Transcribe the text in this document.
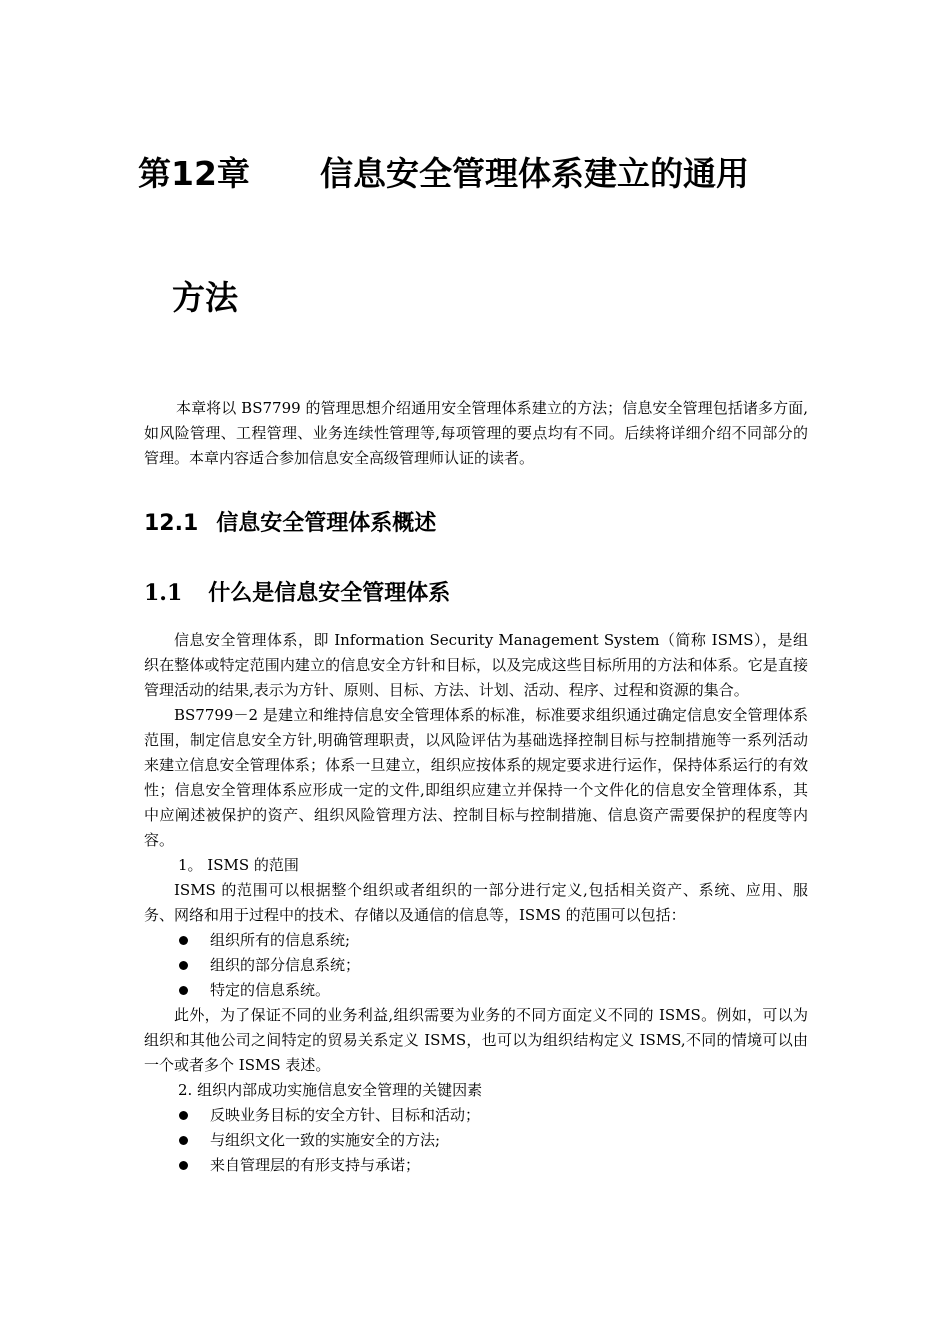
第12章 信息安全管理体系建立的通用
方法

本章将以 BS7799 的管理思想介绍通用安全管理体系建立的方法；信息安全管理包括诸多方面,如风险管理、工程管理、业务连续性管理等,每项管理的要点均有不同。后续将详细介绍不同部分的管理。本章内容适合参加信息安全高级管理师认证的读者。

12.1 信息安全管理体系概述
1.1 什么是信息安全管理体系

信息安全管理体系，即 Information Security Management System（简称 ISMS），是组织在整体或特定范围内建立的信息安全方针和目标，以及完成这些目标所用的方法和体系。它是直接管理活动的结果,表示为方针、原则、目标、方法、计划、活动、程序、过程和资源的集合。

BS7799－2 是建立和维持信息安全管理体系的标准，标准要求组织通过确定信息安全管理体系范围，制定信息安全方针,明确管理职责，以风险评估为基础选择控制目标与控制措施等一系列活动来建立信息安全管理体系；体系一旦建立，组织应按体系的规定要求进行运作，保持体系运行的有效性；信息安全管理体系应形成一定的文件,即组织应建立并保持一个文件化的信息安全管理体系，其中应阐述被保护的资产、组织风险管理方法、控制目标与控制措施、信息资产需要保护的程度等内容。

1。 ISMS 的范围

ISMS 的范围可以根据整个组织或者组织的一部分进行定义,包括相关资产、系统、应用、服务、网络和用于过程中的技术、存储以及通信的信息等，ISMS 的范围可以包括：

组织所有的信息系统;
组织的部分信息系统；
特定的信息系统。

此外，为了保证不同的业务利益,组织需要为业务的不同方面定义不同的 ISMS。例如，可以为组织和其他公司之间特定的贸易关系定义 ISMS，也可以为组织结构定义 ISMS,不同的情境可以由一个或者多个 ISMS 表述。

2. 组织内部成功实施信息安全管理的关键因素

反映业务目标的安全方针、目标和活动；
与组织文化一致的实施安全的方法;
来自管理层的有形支持与承诺；
